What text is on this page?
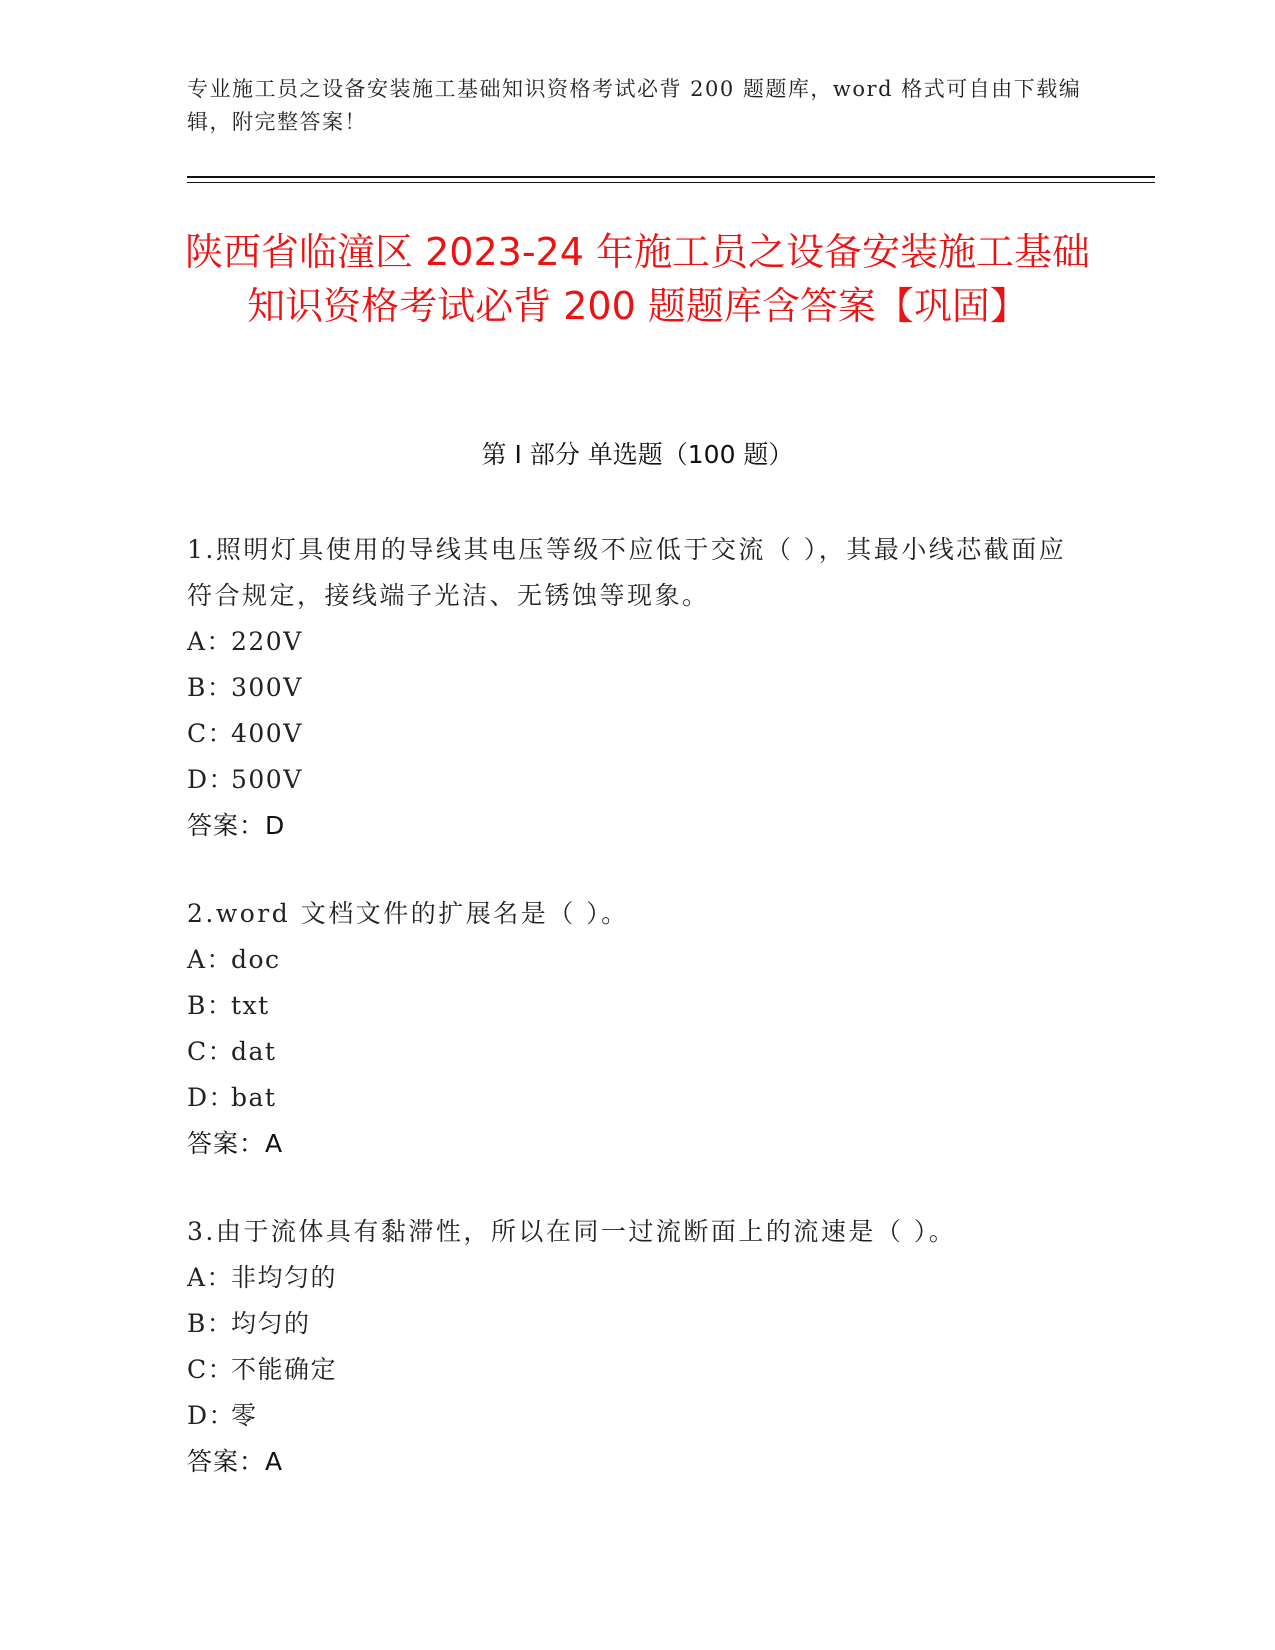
专业施工员之设备安装施工基础知识资格考试必背 200 题题库，word 格式可自由下载编辑，附完整答案！
陕西省临潼区 2023-24 年施工员之设备安装施工基础知识资格考试必背 200 题题库含答案【巩固】
第 I 部分 单选题（100 题）

1.照明灯具使用的导线其电压等级不应低于交流（ ），其最小线芯截面应符合规定，接线端子光洁、无锈蚀等现象。

A：220V

B：300V

C：400V

D：500V

答案：D

2.word 文档文件的扩展名是（ ）。

A：doc

B：txt

C：dat

D：bat

答案：A

3.由于流体具有黏滞性，所以在同一过流断面上的流速是（ ）。

A：非均匀的

B：均匀的

C：不能确定

D：零

答案：A
